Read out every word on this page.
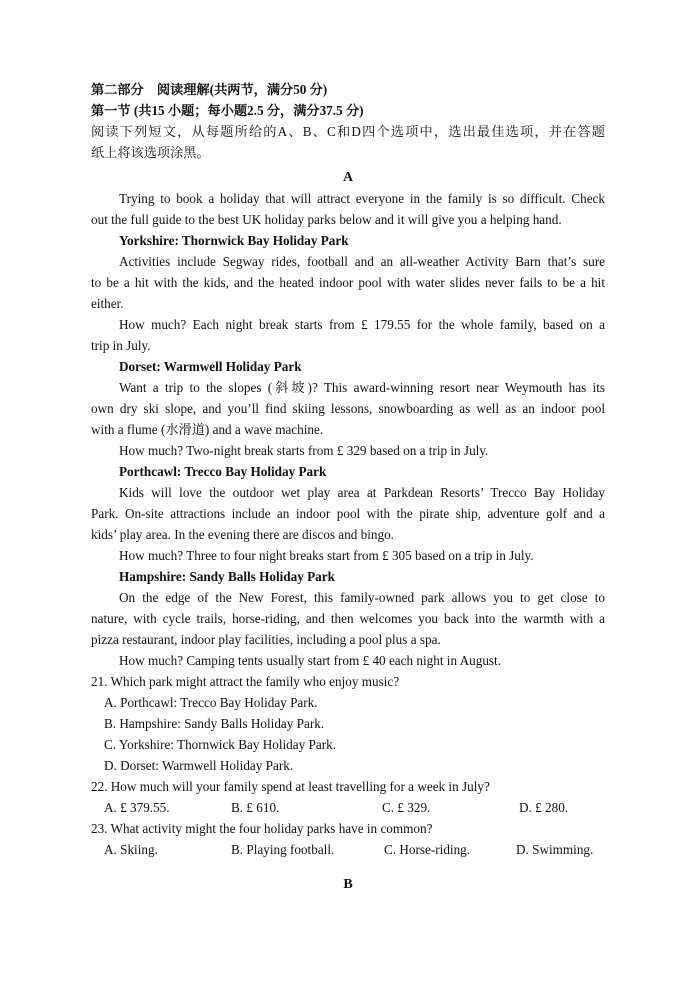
第二部分　阅读理解(共两节，满分50 分)
第一节 (共15 小题；每小题2.5 分，满分37.5 分)
阅读下列短文，从每题所给的A、B、C和D四个选项中，选出最佳选项，并在答题
纸上将该选项涂黑。
A
Trying to book a holiday that will attract everyone in the family is so difficult. Check
out the full guide to the best UK holiday parks below and it will give you a helping hand.
Yorkshire: Thornwick Bay Holiday Park
Activities include Segway rides, football and an all-weather Activity Barn that’s sure
to be a hit with the kids, and the heated indoor pool with water slides never fails to be a hit
either.
How much? Each night break starts from £ 179.55 for the whole family, based on a
trip in July.
Dorset: Warmwell Holiday Park
Want a trip to the slopes (斜坡)? This award-winning resort near Weymouth has its
own dry ski slope, and you’ll find skiing lessons, snowboarding as well as an indoor pool
with a flume (水滑道) and a wave machine.
How much? Two-night break starts from £ 329 based on a trip in July.
Porthcawl: Trecco Bay Holiday Park
Kids will love the outdoor wet play area at Parkdean Resorts’ Trecco Bay Holiday
Park. On-site attractions include an indoor pool with the pirate ship, adventure golf and a
kids’ play area. In the evening there are discos and bingo.
How much? Three to four night breaks start from £ 305 based on a trip in July.
Hampshire: Sandy Balls Holiday Park
On the edge of the New Forest, this family-owned park allows you to get close to
nature, with cycle trails, horse-riding, and then welcomes you back into the warmth with a
pizza restaurant, indoor play facilities, including a pool plus a spa.
How much? Camping tents usually start from £ 40 each night in August.
21. Which park might attract the family who enjoy music?
A. Porthcawl: Trecco Bay Holiday Park.
B. Hampshire: Sandy Balls Holiday Park.
C. Yorkshire: Thornwick Bay Holiday Park.
D. Dorset: Warmwell Holiday Park.
22. How much will your family spend at least travelling for a week in July?
A. £ 379.55.	B. £ 610.	C. £ 329.	D. £ 280.
23. What activity might the four holiday parks have in common?
A. Skiing.	B. Playing football.	C. Horse-riding.	D. Swimming.
B
